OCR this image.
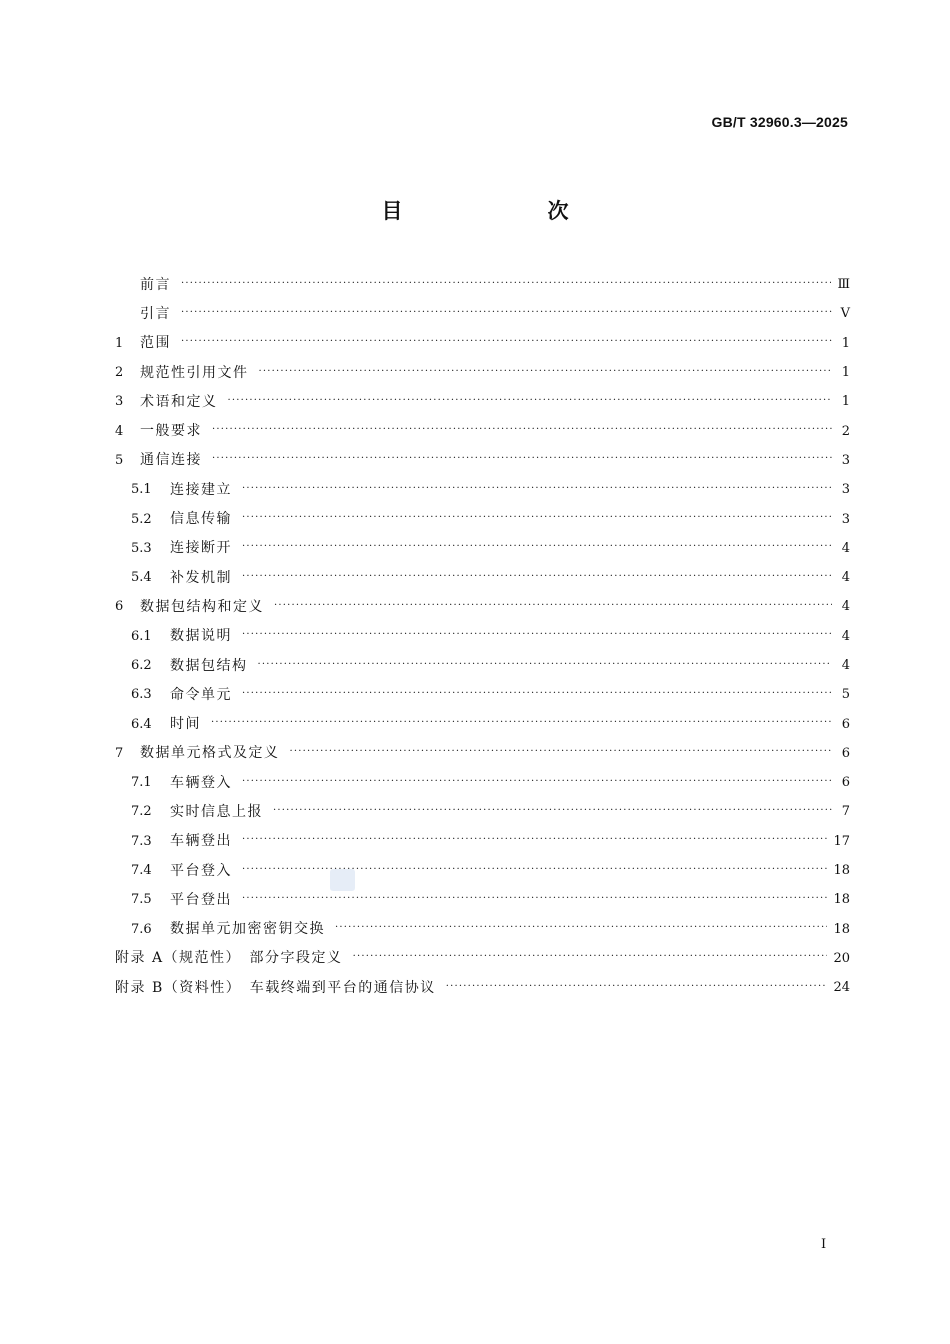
GB/T 32960.3—2025
目　次
前言 ·····	Ⅲ
引言 ·····	Ⅴ
1	范围 ·····	1
2	规范性引用文件 ·····	1
3	术语和定义 ·····	1
4	一般要求 ·····	2
5	通信连接 ·····	3
5.1	连接建立 ·····	3
5.2	信息传输 ·····	3
5.3	连接断开 ·····	4
5.4	补发机制 ·····	4
6	数据包结构和定义 ·····	4
6.1	数据说明 ·····	4
6.2	数据包结构 ·····	4
6.3	命令单元 ·····	5
6.4	时间 ·····	6
7	数据单元格式及定义 ·····	6
7.1	车辆登入 ·····	6
7.2	实时信息上报 ·····	7
7.3	车辆登出 ·····	17
7.4	平台登入 ·····	18
7.5	平台登出 ·····	18
7.6	数据单元加密密钥交换 ·····	18
附录 A（规范性）　部分字段定义 ·····	20
附录 B（资料性）　车载终端到平台的通信协议 ·····	24
I
